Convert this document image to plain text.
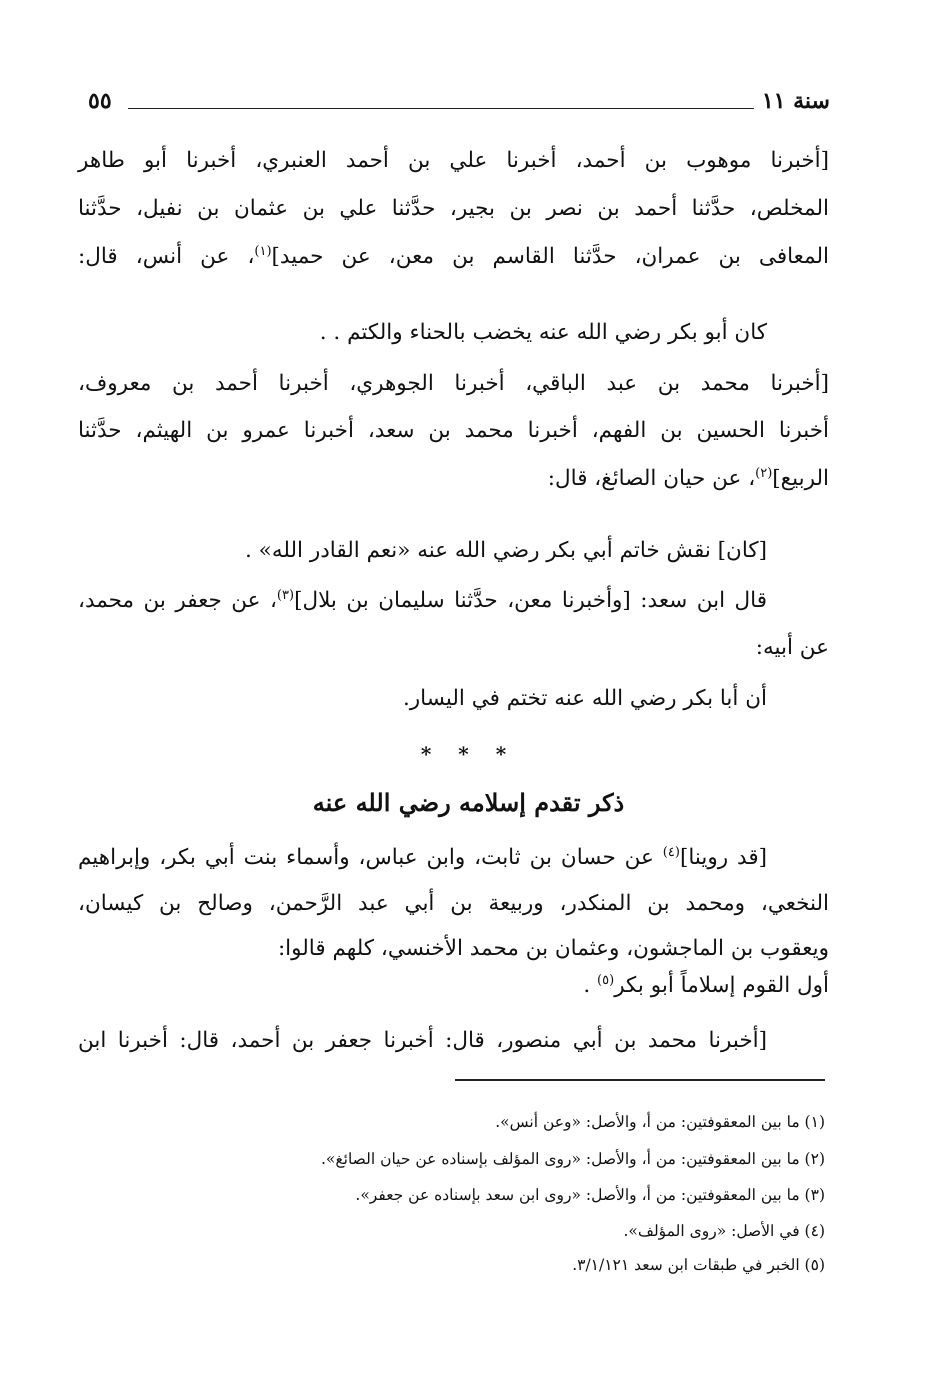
سنة ١١
٥٥
[أخبرنا موهوب بن أحمد، أخبرنا علي بن أحمد العنبري، أخبرنا أبو طاهر
المخلص، حدَّثنا أحمد بن نصر بن بجير، حدَّثنا علي بن عثمان بن نفيل، حدَّثنا
المعافى بن عمران، حدَّثنا القاسم بن معن، عن حميد]$^{(١)}$، عن أنس، قال:
كان أبو بكر رضي الله عنه يخضب بالحناء والكتم . .
[أخبرنا محمد بن عبد الباقي، أخبرنا الجوهري، أخبرنا أحمد بن معروف،
أخبرنا الحسين بن الفهم، أخبرنا محمد بن سعد، أخبرنا عمرو بن الهيثم، حدَّثنا
الربيع]$^{(٢)}$، عن حيان الصائغ، قال:
[كان] نقش خاتم أبي بكر رضي الله عنه «نعم القادر الله» .
قال ابن سعد: [وأخبرنا معن، حدَّثنا سليمان بن بلال]$^{(٣)}$، عن جعفر بن محمد،
عن أبيه:
أن أبا بكر رضي الله عنه تختم في اليسار.
* * *
ذكر تقدم إسلامه رضي الله عنه
[قد روينا]$^{(٤)}$ عن حسان بن ثابت، وابن عباس، وأسماء بنت أبي بكر، وإبراهيم
النخعي، ومحمد بن المنكدر، وربيعة بن أبي عبد الرَّحمن، وصالح بن كيسان،
ويعقوب بن الماجشون، وعثمان بن محمد الأخنسي، كلهم قالوا:
أول القوم إسلاماً أبو بكر$^{(٥)}$ .
[أخبرنا محمد بن أبي منصور، قال: أخبرنا جعفر بن أحمد، قال: أخبرنا ابن
(١) ما بين المعقوفتين: من أ، والأصل: «وعن أنس».
(٢) ما بين المعقوفتين: من أ، والأصل: «روى المؤلف بإسناده عن حيان الصائغ».
(٣) ما بين المعقوفتين: من أ، والأصل: «روى ابن سعد بإسناده عن جعفر».
(٤) في الأصل: «روى المؤلف».
(٥) الخبر في طبقات ابن سعد ٣/١/١٢١.
